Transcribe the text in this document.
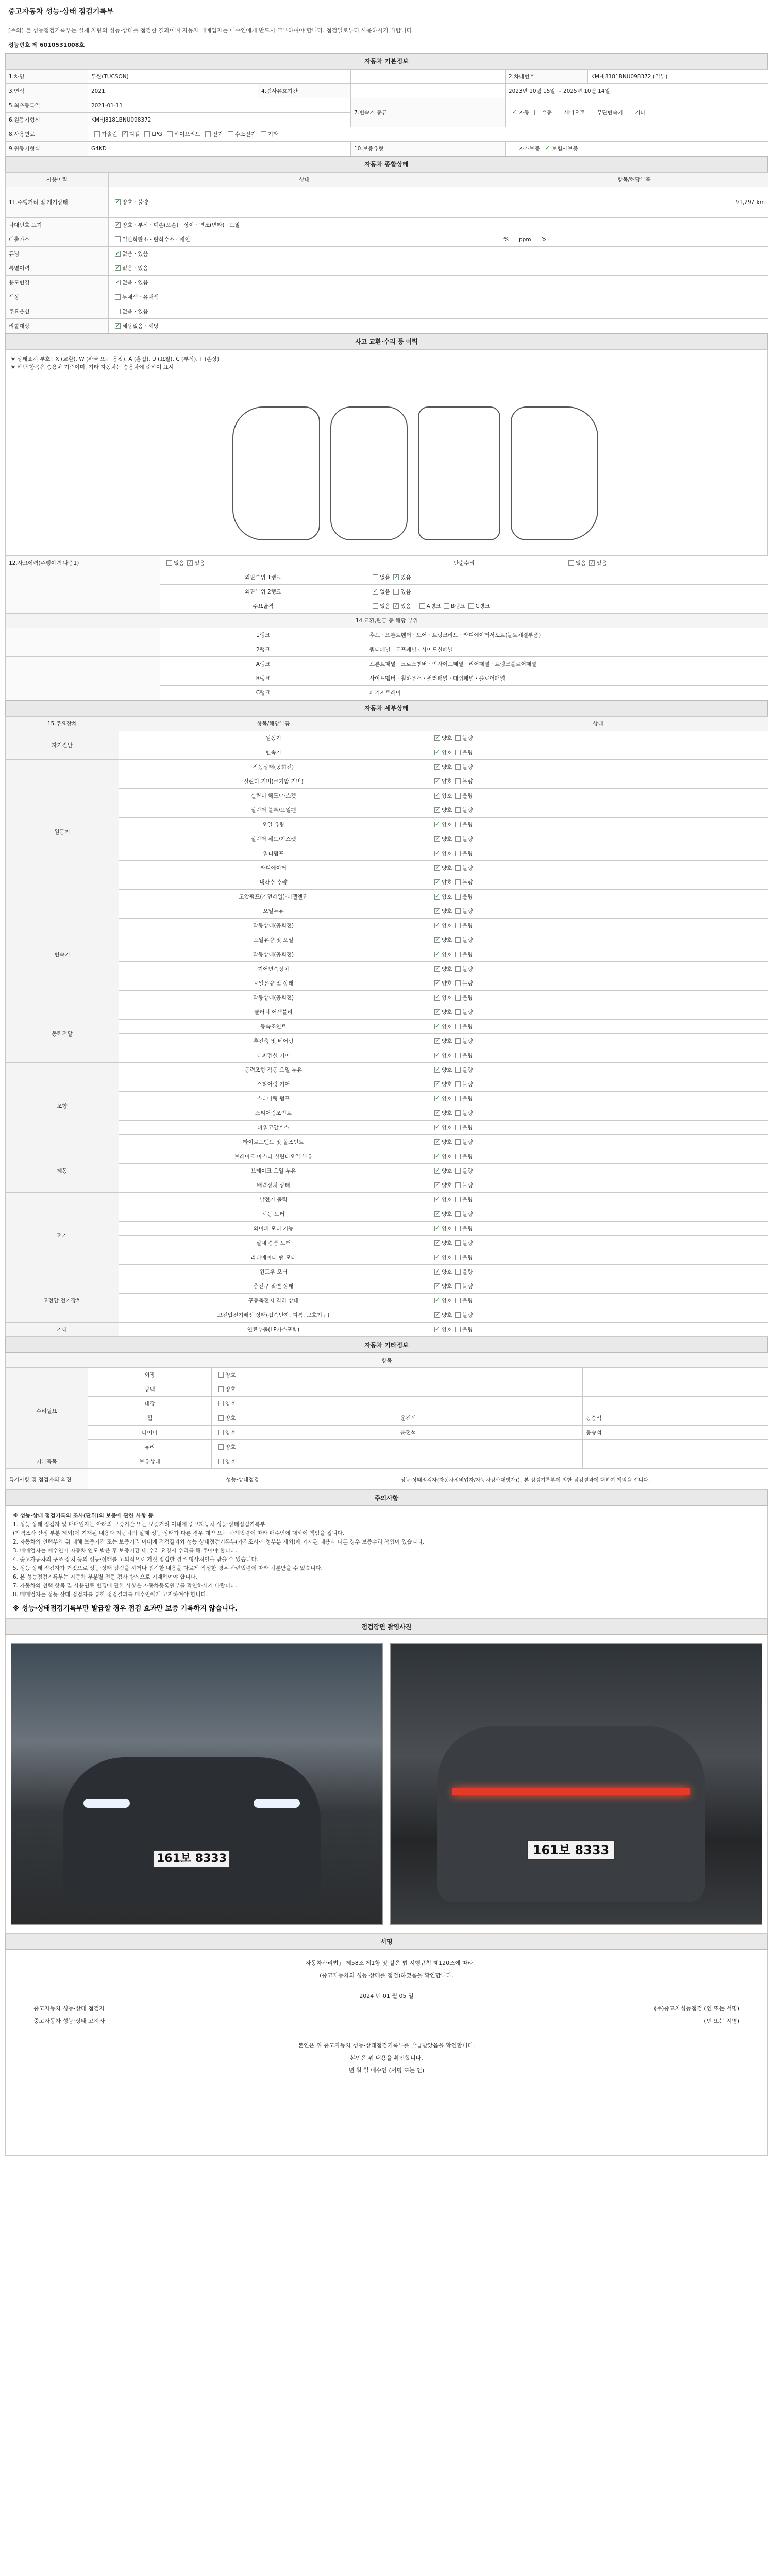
중고자동차 성능·상태 점검기록부
[주의] 본 성능점검기록부는 실제 차량의 성능·상태를 점검한 결과이며 자동차 매매업자는 매수인에게 반드시 교부하여야 합니다. 점검일로부터 사용하시기 바랍니다.
성능번호 제 6010531008호
자동차 기본정보
1.차명	투싼(TUCSON)			2.차대번호	KMHJ8181BNU098372 (일부)
3.연식	2021	4.검사유효기간		2023년 10월 15일 ~ 2025년 10월 14일	
5.최초등록일	2021-01-11		7.변속기 종류	✓자동 수동 세미오토 무단변속기 기타
6.원동기형식	KMHJ8181BNU098372				
8.사용연료	가솔린 ✓ 디젤 LPG 하이브리드 전기 수소전기 기타
9.원동기형식	G4KD		10.보증유형	자가보증 ✓ 보험사보증
자동차 종합상태
사용이력	상태	항목/해당부품
11.주행거리 및 계기상태	✓양호 · 불량	91,297 km
차대번호 표기	✓양호 · 부식 · 훼손(오손) · 상이 · 변조(변타) · 도말	
배출가스	일산화탄소 · 탄화수소 · 매연	% ppm %
튜닝	✓없음 · 있음	
특별이력	✓없음 · 있음	
용도변경	✓없음 · 있음	
색상	무채색 · 유채색	
주요옵션	없음 · 있음	
리콜대상	✓해당없음 · 해당	
사고 교환·수리 등 이력
※ 상태표시 부호 : X (교환), W (판금 또는 용접), A (흠집), U (요철), C (부식), T (손상)
※ 하단 항목은 승용차 기준이며, 기타 자동차는 승용차에 준하여 표시
12.사고이력(주행이력 나중1)	없음 ✓ 있음	단순수리	없음 ✓ 있음
	외판부위 1랭크	없음 ✓ 있음
	외판부위 2랭크	✓없음 있음
	주요골격	없음 ✓ 있음 A랭크 B랭크 C랭크
14.교환,판금 등 해당 부위			
	1랭크	후드 · 프론트휀더 · 도어 · 트렁크리드 · 라디에이터서포트(볼트체결부품)	
	2랭크	쿼터패널 · 루프패널 · 사이드실패널	
	A랭크	프론트패널 · 크로스멤버 · 인사이드패널 · 리어패널 · 트렁크플로어패널	
	B랭크	사이드멤버 · 휠하우스 · 필러패널 · 대쉬패널 · 플로어패널	
	C랭크	패키지트레이	
자동차 세부상태
15.주요장치	항목/해당부품	상태
자기진단	원동기	✓양호 불량
	변속기	✓양호 불량
원동기	작동상태(공회전)	✓양호 불량
	실린더 커버(로커암 커버)	✓양호 불량
	실린더 헤드/가스켓	✓양호 불량
	실린더 블록/오일팬	✓양호 불량
	오일 유량	✓양호 불량
	실린더 헤드/가스켓	✓양호 불량
	워터펌프	✓양호 불량
	라디에이터	✓양호 불량
	냉각수 수량	✓양호 불량
	고압펌프(커먼레일)-디젤엔진	✓양호 불량
변속기	오일누유	✓양호 불량
	작동상태(공회전)	✓양호 불량
	오일유량 및 오일	✓양호 불량
	작동상태(공회전)	✓양호 불량
	기어변속장치	✓양호 불량
	오일유량 및 상태	✓양호 불량
	작동상태(공회전)	✓양호 불량
동력전달	클러치 어셈블리	✓양호 불량
	등속조인트	✓양호 불량
	추진축 및 베어링	✓양호 불량
	디퍼렌셜 기어	✓양호 불량
조향	동력조향 작동 오일 누유	✓양호 불량
	스티어링 기어	✓양호 불량
	스티어링 펌프	✓양호 불량
	스티어링조인트	✓양호 불량
	파워고압호스	✓양호 불량
	타이로드엔드 및 볼조인트	✓양호 불량
제동	브레이크 마스터 실린더오일 누유	✓양호 불량
	브레이크 오일 누유	✓양호 불량
	배력장치 상태	✓양호 불량
전기	발전기 출력	✓양호 불량
	시동 모터	✓양호 불량
	와이퍼 모터 기능	✓양호 불량
	실내 송풍 모터	✓양호 불량
	라디에이터 팬 모터	✓양호 불량
	윈도우 모터	✓양호 불량
고전압 전기장치	충전구 절연 상태	✓양호 불량
	구동축전지 격리 상태	✓양호 불량
	고전압전기배선 상태(접속단자, 피복, 보호기구)	✓양호 불량
기타	연료누출(LP가스포함)	✓양호 불량
자동차 기타정보
항목				
수리필요	외장	양호		
	광택	양호		
	내장	양호		
	휠	양호	운전석	동승석
	타이어	양호	운전석	동승석
	유리	양호		
기본품목	보유상태	양호		
특기사항 및 점검자의 의견	성능·상태점검	성능·상태점검자(자동차정비업자/자동차검사대행자)는 본 점검기록부에 의한 점검결과에 대하여 책임을 집니다.
주의사항
※ 성능·상태 점검기록의 조사(단위)의 보증에 관한 사항 등
1. 성능·상태 점검자 및 매매업자는 아래의 보증기간 또는 보증거리 이내에 중고자동차 성능·상태점검기록부
(가격조사·산정 부분 제외)에 기재된 내용과 자동차의 실제 성능·상태가 다른 경우 계약 또는 관계법령에 따라 매수인에 대하여 책임을 집니다.
2. 자동차의 선택부와 위 대해 보증기간 또는 보증거리 이내에 점검결과와 성능·상태점검기록부(가격조사·산정부분 제외)에 기재된 내용과 다른 경우 보증수리 책임이 있습니다.
3. 매매업자는 매수인이 자동차 인도 받은 후 보증기간 내 수리 요청시 수리를 해 주어야 합니다.
4. 중고자동차의 구조·장치 등의 성능·상태를 고의적으로 거짓 점검한 경우 형사처벌을 받을 수 있습니다.
5. 성능·상태 점검자가 거짓으로 성능·상태 점검을 하거나 점검한 내용을 다르게 작성한 경우 관련법령에 따라 처분받을 수 있습니다.
6. 본 성능점검기록부는 자동차 부분별 전문 검사 방식으로 기재하여야 합니다.
7. 자동차의 선택 항목 및 사용연료 변경에 관한 사항은 자동차등록원부를 확인하시기 바랍니다.
8. 매매업자는 성능·상태 점검자를 통한 점검결과를 매수인에게 고지하여야 합니다.
※ 성능·상태점검기록부만 발급할 경우 점검 효과만 보증 기록하지 않습니다.
점검장면 촬영사진
161보 8333
161보 8333
서명
「자동차관리법」 제58조 제1항 및 같은 법 시행규칙 제120조에 따라
(중고자동차의 성능·상태를 점검)하였음을 확인합니다.
2024 년 01 월 05 일
중고자동차 성능·상태 점검자	(주)중고차성능점검 (인 또는 서명)
중고자동차 성능·상태 고지자	(인 또는 서명)
본인은 위 중고자동차 성능·상태점검기록부를 발급받았음을 확인합니다.
본인은 위 내용을 확인합니다.
년 월 일 매수인 (서명 또는 인)
